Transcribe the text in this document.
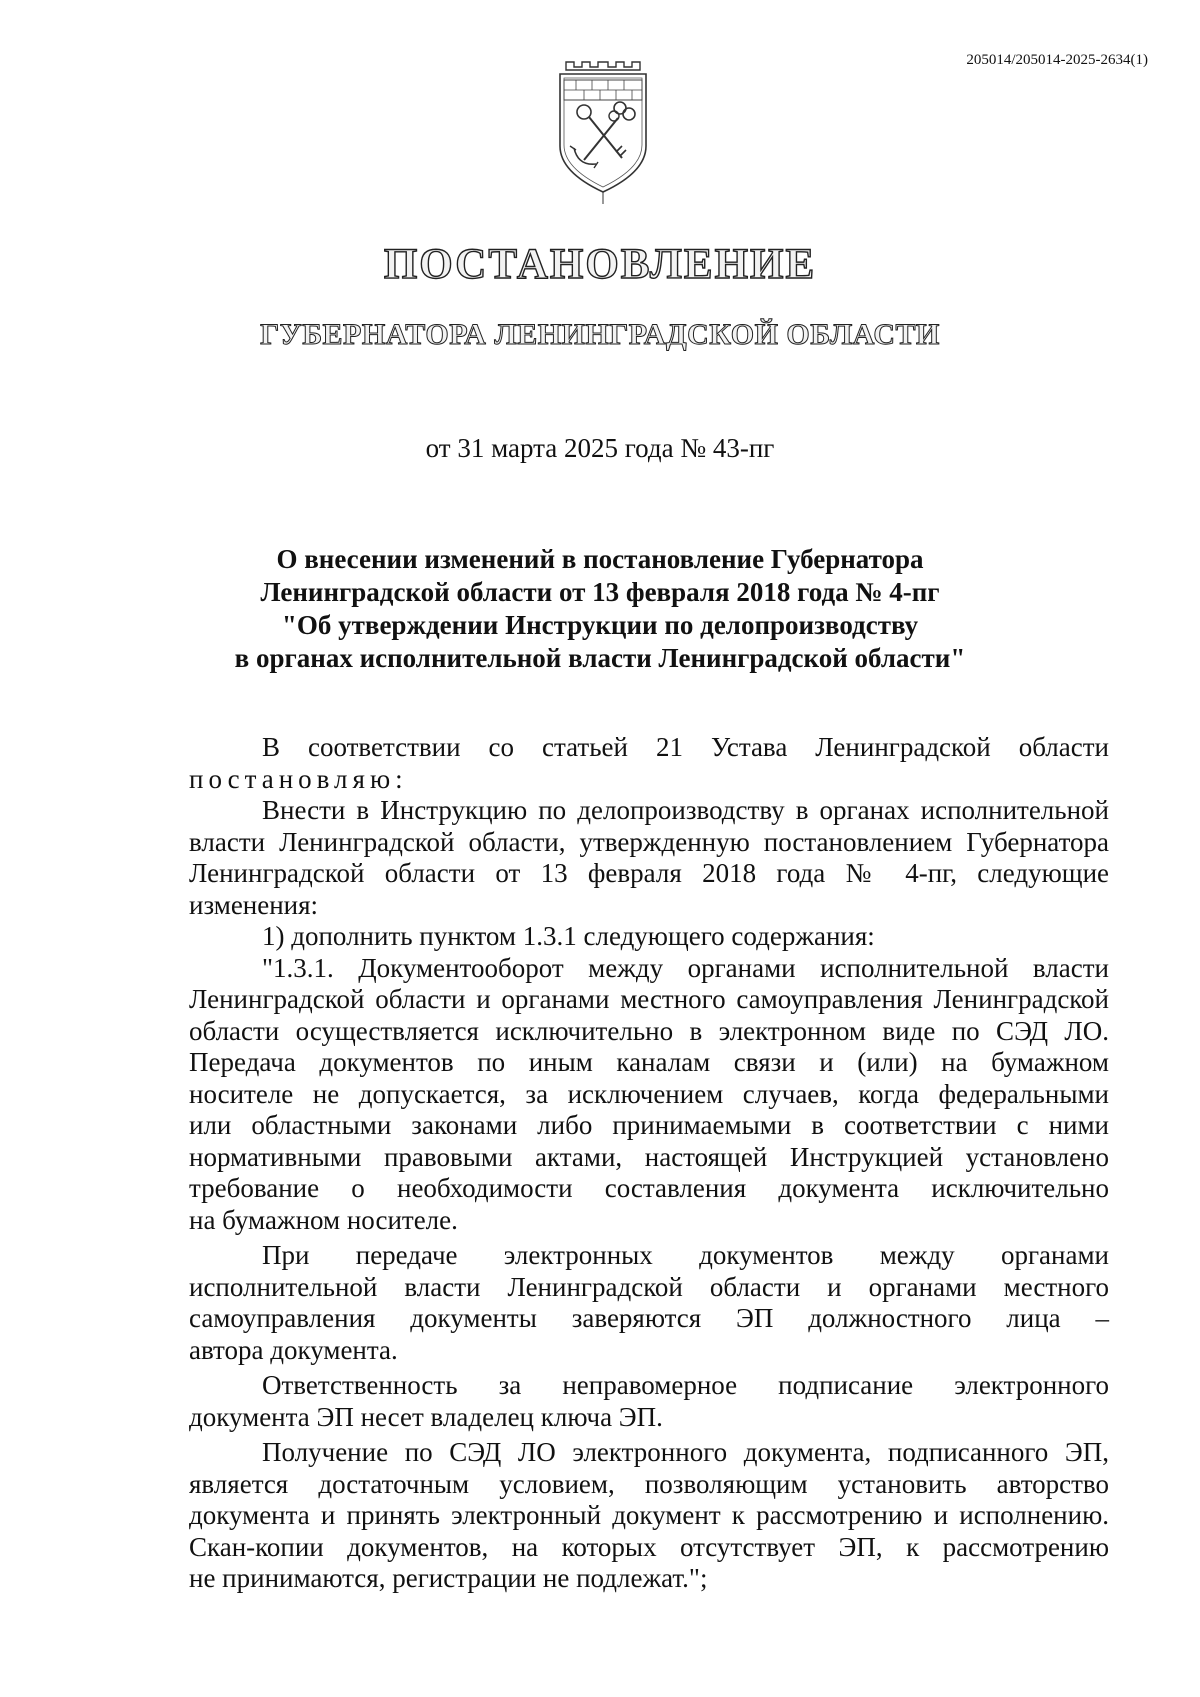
205014/205014-2025-2634(1)
ПОСТАНОВЛЕНИЕ
ГУБЕРНАТОРА ЛЕНИНГРАДСКОЙ ОБЛАСТИ
от 31 марта 2025 года № 43-пг
О внесении изменений в постановление Губернатора
Ленинградской области от 13 февраля 2018 года № 4-пг
"Об утверждении Инструкции по делопроизводству
в органах исполнительной власти Ленинградской области"
В соответствии со статьей 21 Устава Ленинградской области
постановляю:
Внести в Инструкцию по делопроизводству в органах исполнительной
власти Ленинградской области, утвержденную постановлением Губернатора
Ленинградской области от 13 февраля 2018 года № 4-пг, следующие
изменения:
1) дополнить пунктом 1.3.1 следующего содержания:
"1.3.1. Документооборот между органами исполнительной власти
Ленинградской области и органами местного самоуправления Ленинградской
области осуществляется исключительно в электронном виде по СЭД ЛО.
Передача документов по иным каналам связи и (или) на бумажном
носителе не допускается, за исключением случаев, когда федеральными
или областными законами либо принимаемыми в соответствии с ними
нормативными правовыми актами, настоящей Инструкцией установлено
требование о необходимости составления документа исключительно
на бумажном носителе.
При передаче электронных документов между органами
исполнительной власти Ленинградской области и органами местного
самоуправления документы заверяются ЭП должностного лица –
автора документа.
Ответственность за неправомерное подписание электронного
документа ЭП несет владелец ключа ЭП.
Получение по СЭД ЛО электронного документа, подписанного ЭП,
является достаточным условием, позволяющим установить авторство
документа и принять электронный документ к рассмотрению и исполнению.
Скан-копии документов, на которых отсутствует ЭП, к рассмотрению
не принимаются, регистрации не подлежат.";
